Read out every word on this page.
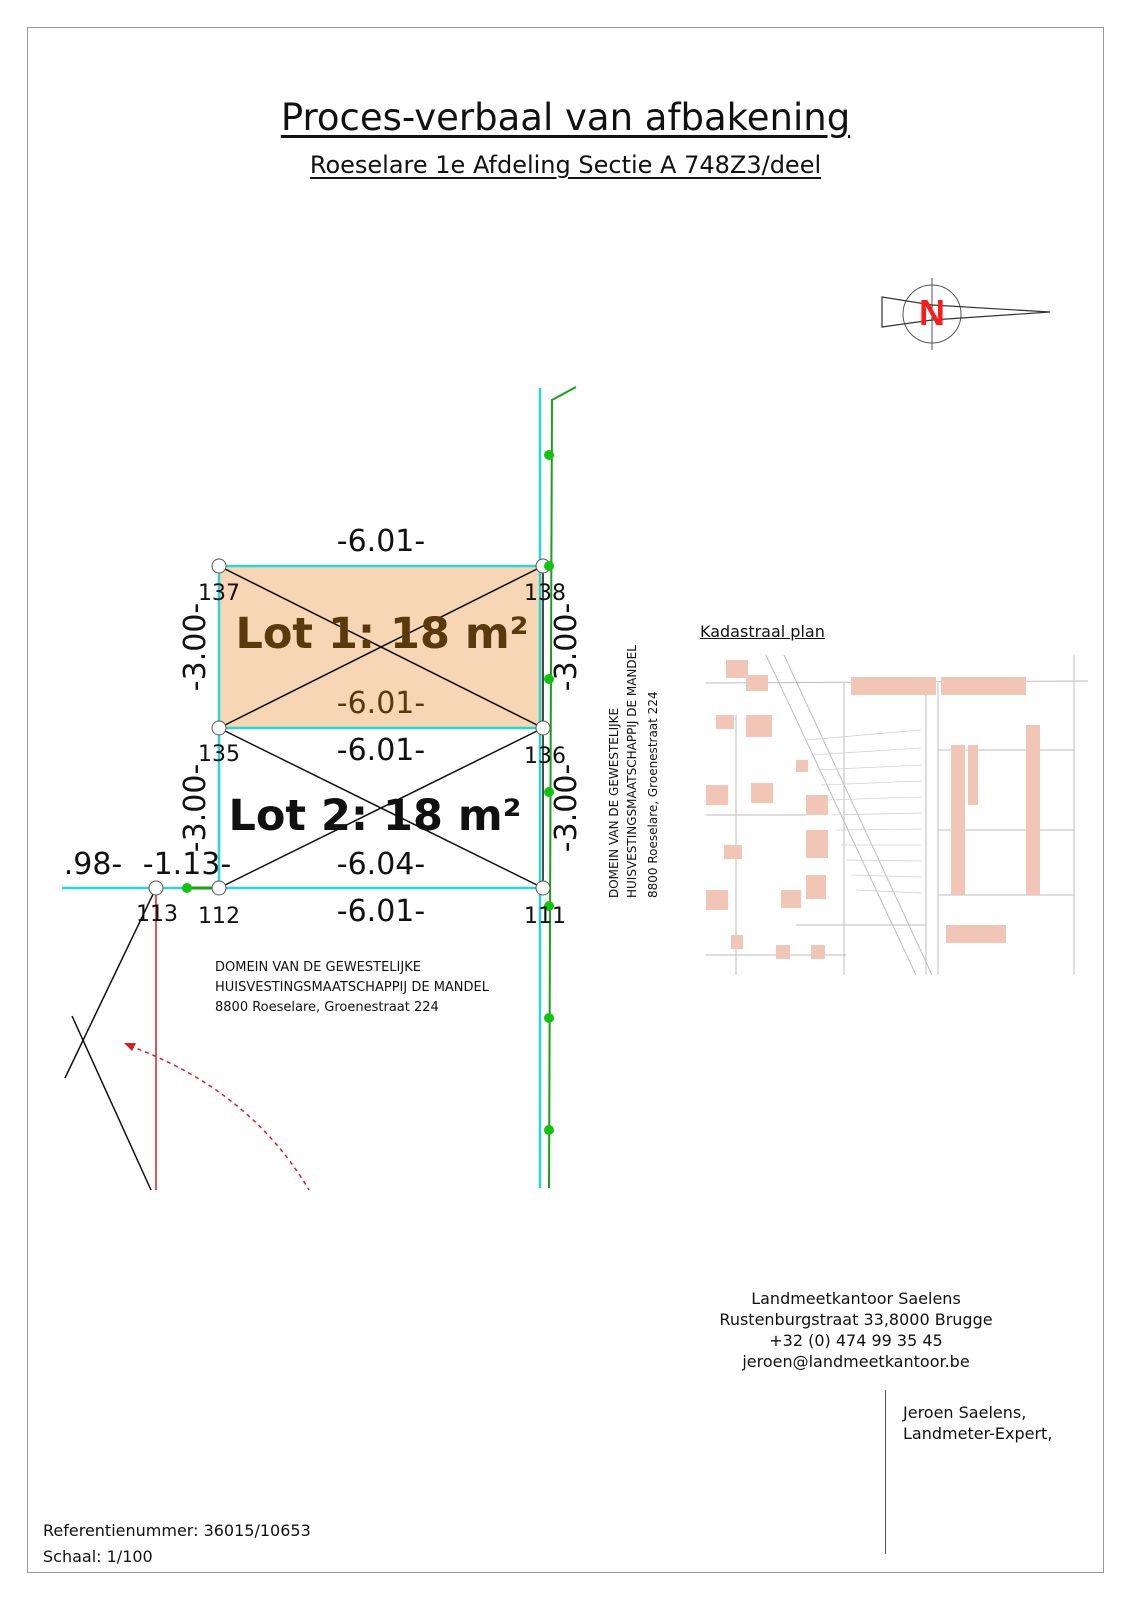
Proces-verbaal van afbakening
Roeselare 1e Afdeling Sectie A 748Z3/deel
N
Lot 1: 18 m²
Lot 2: 18 m²
-6.01-
-6.01-
-6.01-
-6.04-
-6.01-
.98- -1.13-
-3.00-	-3.00-
-3.00-	-3.00-
137	138
135	136
113 112	111
DOMEIN VAN DE GEWESTELIJKE HUISVESTINGSMAATSCHAPPIJ DE MANDEL 8800 Roeselare, Groenestraat 224
DOMEIN VAN DE GEWESTELIJKE
HUISVESTINGSMAATSCHAPPIJ DE MANDEL
8800 Roeselare, Groenestraat 224
Kadastraal plan
Landmeetkantoor Saelens
Rustenburgstraat 33,8000 Brugge
+32 (0) 474 99 35 45
jeroen@landmeetkantoor.be
Jeroen Saelens,
Landmeter-Expert,
Referentienummer: 36015/10653
Schaal: 1/100
